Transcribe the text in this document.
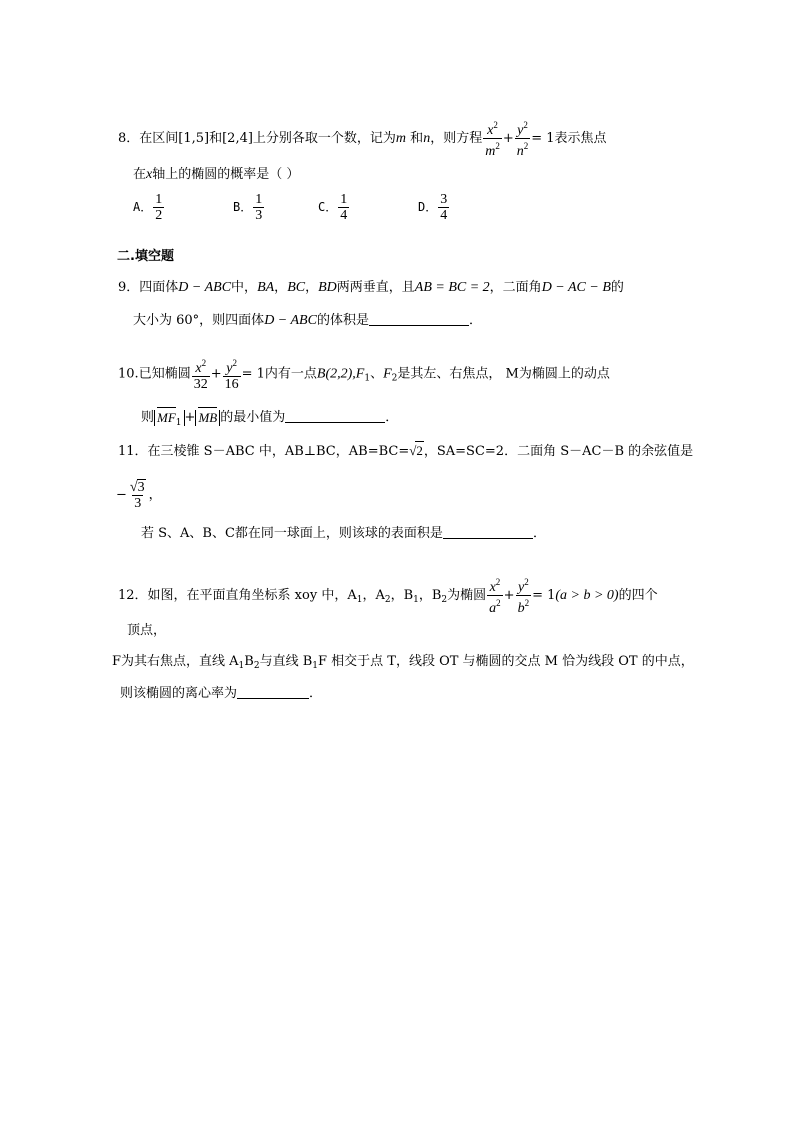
8．在区间[1,5]和[2,4]上分别各取一个数，记为m 和n，则方程 $\frac{x^2}{m^2} + \frac{y^2}{n^2} = 1$表示焦点
在x轴上的椭圆的概率是（ ）
A． $\frac{1}{2}$	B． $\frac{1}{3}$	C． $\frac{1}{4}$	D． $\frac{3}{4}$
二.填空题
9．四面体D − ABC中，BA，BC，BD两两垂直，且AB = BC = 2，二面角D − AC − B的
大小为 60°，则四面体D − ABC的体积是	．
10.已知椭圆 $\frac{x^2}{32} + \frac{y^2}{16} = 1$内有一点$B(2,2),F_1$、$F_2$是其左、右焦点， M为椭圆上的动点
则 $MF_1$ + MB 的最小值为	．
11．在三棱锥 S－ABC 中，AB⊥BC，AB=BC=√2，SA=SC=2．二面角 S－AC－B 的余弦值是
− $\frac{√3}{3}$ ，
若 S、A、B、C都在同一球面上，则该球的表面积是	．
12．如图，在平面直角坐标系 xoy 中，$A_1$，$A_2$，$B_1$，$B_2$为椭圆 $\frac{x^2}{a^2} + \frac{y^2}{b^2} = 1(a > b > 0)$的四个
顶点，
F为其右焦点，直线 $A_1B_2$与直线 $B_1F$ 相交于点 T，线段 OT 与椭圆的交点 M 恰为线段 OT 的中点，
则该椭圆的离心率为	．
